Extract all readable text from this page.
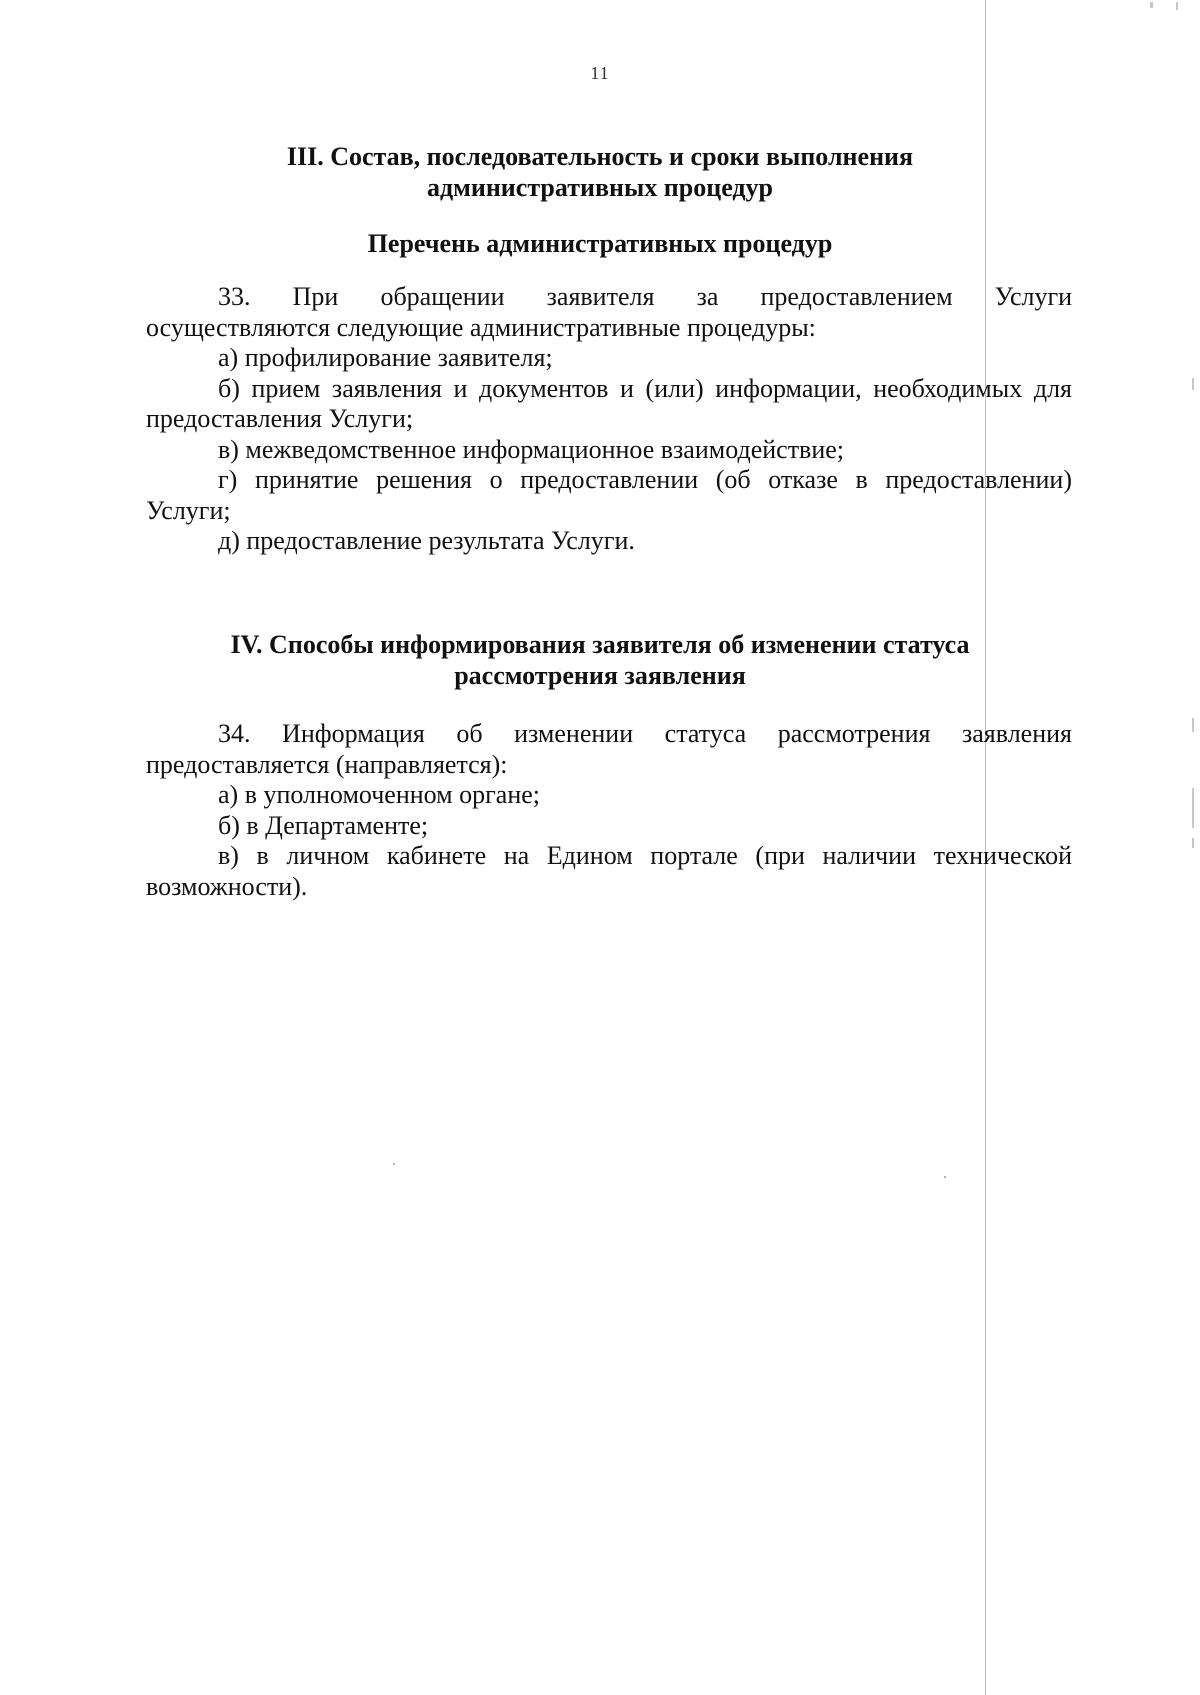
11
III. Состав, последовательность и сроки выполнения
административных процедур
Перечень административных процедур

33. При обращении заявителя за предоставлением Услуги

осуществляются следующие административные процедуры:

а) профилирование заявителя;

б) прием заявления и документов и (или) информации, необходимых для предоставления Услуги;

в) межведомственное информационное взаимодействие;

г) принятие решения о предоставлении (об отказе в предоставлении) Услуги;

д) предоставление результата Услуги.

IV. Способы информирования заявителя об изменении статуса
рассмотрения заявления

34. Информация об изменении статуса рассмотрения заявления предоставляется (направляется):

а) в уполномоченном органе;

б) в Департаменте;

в) в личном кабинете на Едином портале (при наличии технической возможности).
